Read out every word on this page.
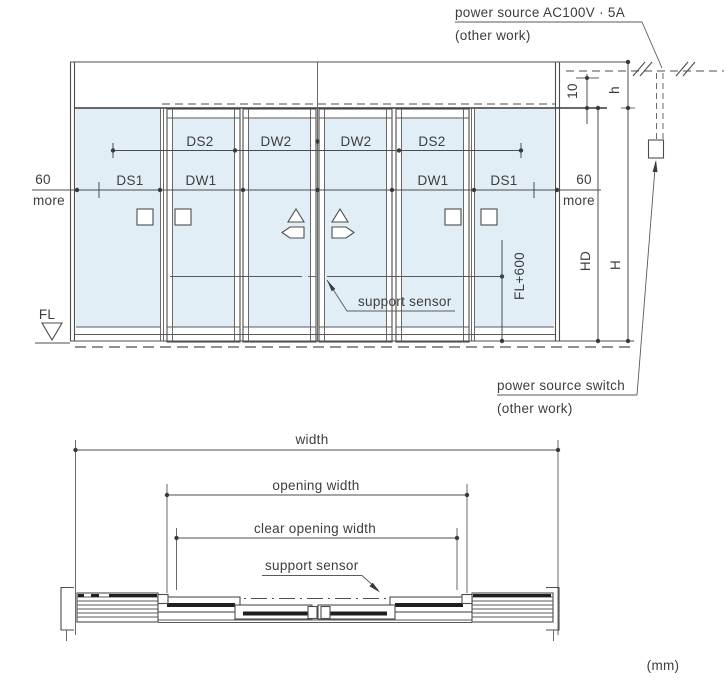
DS2	DW2	DW2	DS2
DS1	DW1	DW1	DS1
60
more
60
more
support sensor
FL+600
FL
10
HD
h
H
power source AC100V · 5A
(other work)
power source switch
(other work)
width
opening width
clear opening width
support sensor
(mm)
